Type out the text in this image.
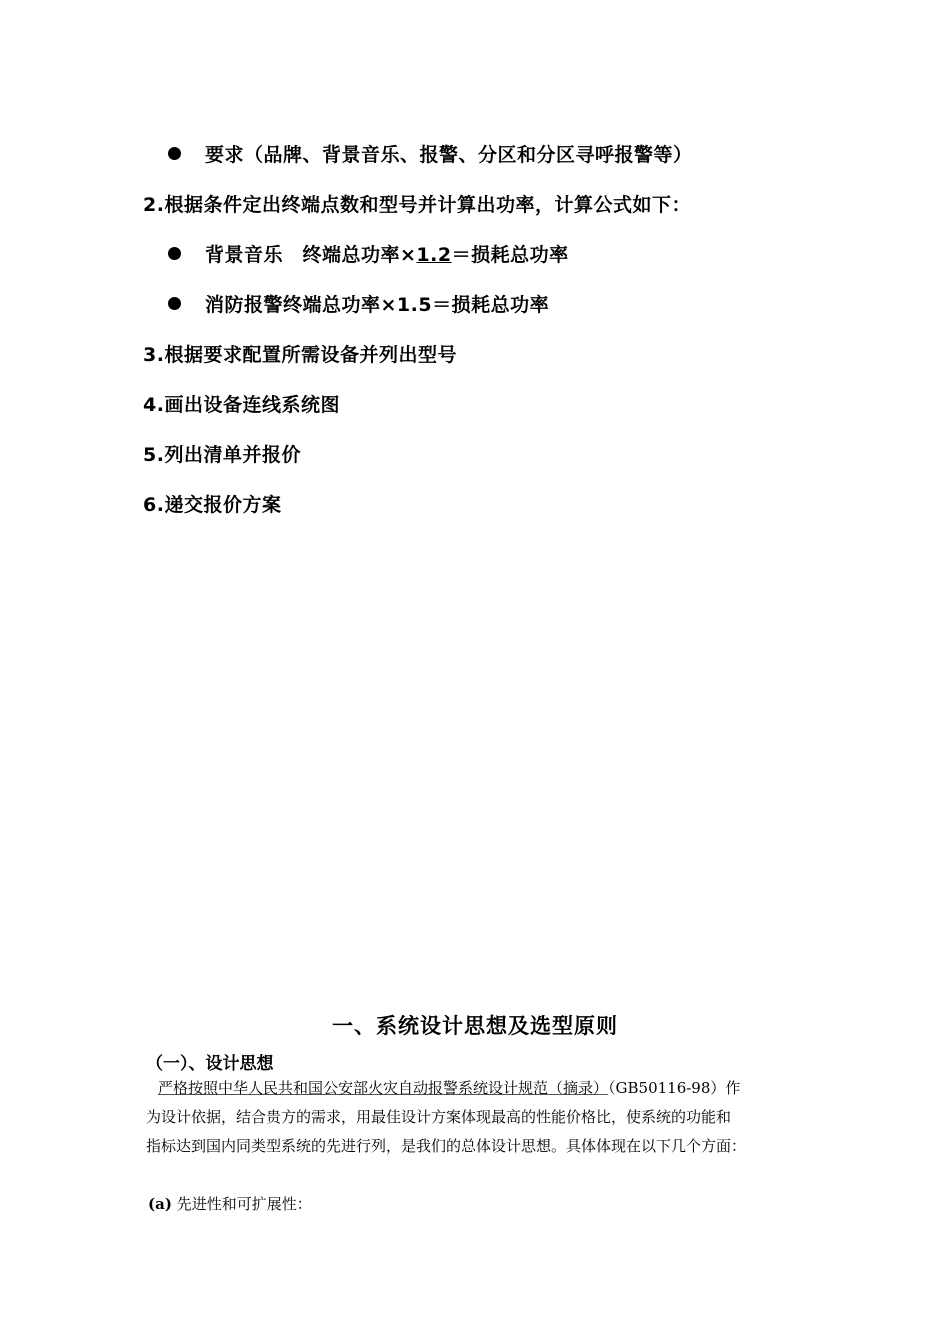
要求（品牌、背景音乐、报警、分区和分区寻呼报警等）
2.根据条件定出终端点数和型号并计算出功率，计算公式如下：
背景音乐　终端总功率×1.2＝损耗总功率
消防报警终端总功率×1.5＝损耗总功率
3.根据要求配置所需设备并列出型号
4.画出设备连线系统图
5.列出清单并报价
6.递交报价方案
一、系统设计思想及选型原则
（一）、设计思想
严格按照中华人民共和国公安部火灾自动报警系统设计规范（摘录）（GB50116-98）作
为设计依据，结合贵方的需求，用最佳设计方案体现最高的性能价格比，使系统的功能和
指标达到国内同类型系统的先进行列，是我们的总体设计思想。具体体现在以下几个方面：
(a) 先进性和可扩展性：
